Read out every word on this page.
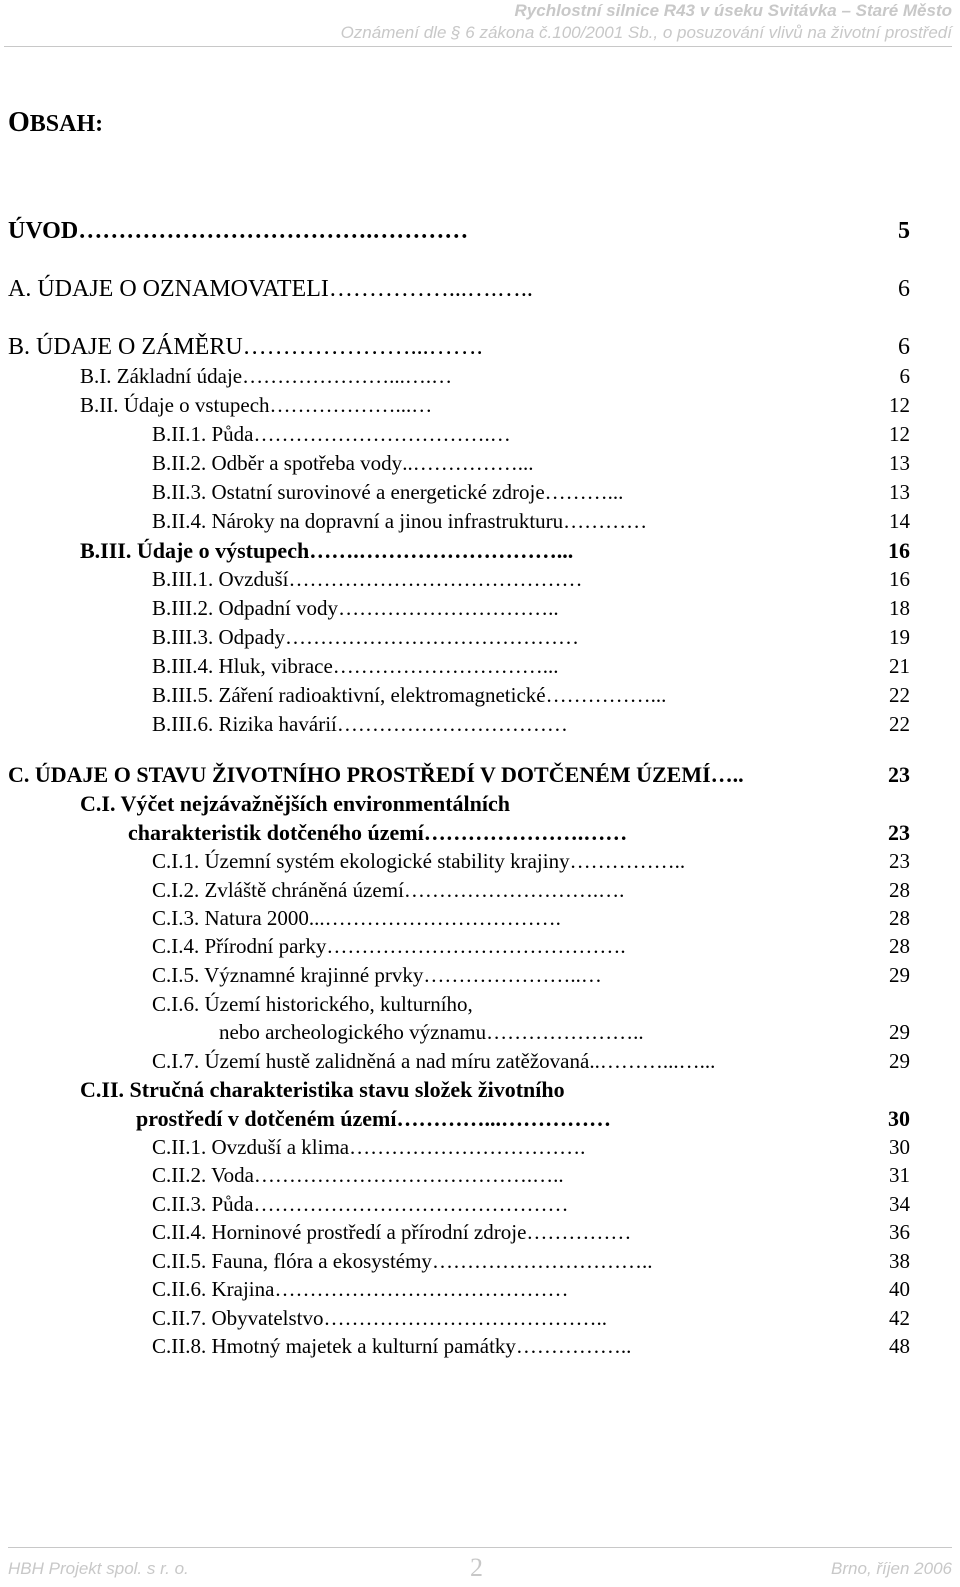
Rychlostní silnice R43 v úseku Svitávka – Staré Město
Oznámení dle § 6 zákona č.100/2001 Sb., o posuzování vlivů na životní prostředí
OBSAH:
ÚVOD ……………………………….…………	5
A. ÚDAJE O OZNAMOVATELI ……………...….…..	6
B. ÚDAJE O ZÁMĚRU …………………...…….	6
B.I. Základní údaje …………………...….…	6
B.II. Údaje o vstupech ………………...…	12
B.II.1. Půda …………………………….…	12
B.II.2. Odběr a spotřeba vody ..……………...	13
B.II.3. Ostatní surovinové a energetické zdroje ………...	13
B.II.4. Nároky na dopravní a jinou infrastrukturu …………	14
B.III. Údaje o výstupech …….………………………...	16
B.III.1. Ovzduší ……………………………………	16
B.III.2. Odpadní vody …………………………..	18
B.III.3. Odpady ……………………………………	19
B.III.4. Hluk, vibrace …………………………...	21
B.III.5. Záření radioaktivní, elektromagnetické ……………...	22
B.III.6. Rizika havárií ……………………………	22
C. ÚDAJE O STAVU ŽIVOTNÍHO PROSTŘEDÍ V DOTČENÉM ÚZEMÍ …..	23
C.I. Výčet nejzávažnějších environmentálních
charakteristik dotčeného území ………………….……	23
C.I.1. Územní systém ekologické stability krajiny ……………..	23
C.I.2. Zvláště chráněná území ……………………….….	28
C.I.3. Natura 2000 ...…………………………….	28
C.I.4. Přírodní parky …………………………………….	28
C.I.5. Významné krajinné prvky …………………..…	29
C.I.6. Území historického, kulturního,
nebo archeologického významu …………………..	29
C.I.7. Území hustě zalidněná a nad míru zatěžovaná ..………...…...	29
C.II. Stručná charakteristika stavu složek životního
prostředí v dotčeném území …………...……………	30
C.II.1. Ovzduší a klima …………………………….	30
C.II.2. Voda ………………………………….…..	31
C.II.3. Půda ………………………………………	34
C.II.4. Horninové prostředí a přírodní zdroje ……………	36
C.II.5. Fauna, flóra a ekosystémy …………………………..	38
C.II.6. Krajina ……………………………………	40
C.II.7. Obyvatelstvo …………………………………..	42
C.II.8. Hmotný majetek a kulturní památky ……………..	48
HBH Projekt spol. s r. o.	2	Brno, říjen 2006
